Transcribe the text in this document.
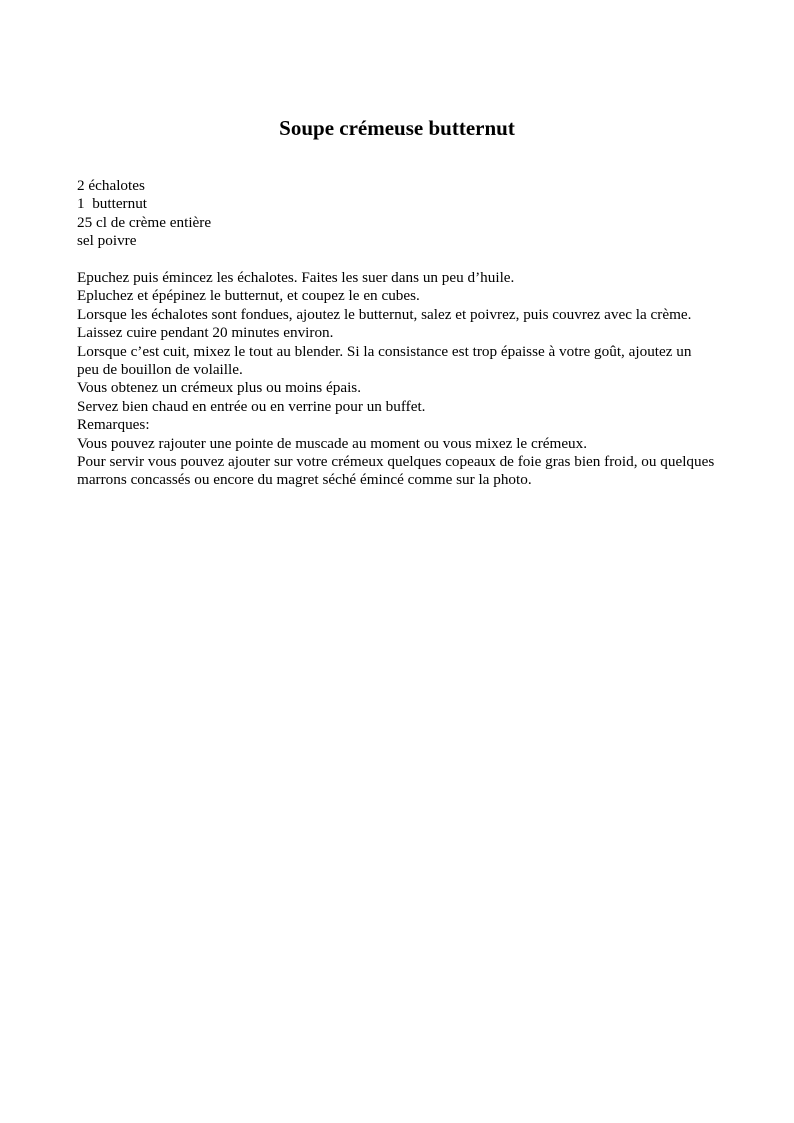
Soupe crémeuse butternut
2 échalotes
1  butternut
25 cl de crème entière
sel poivre
Epuchez puis émincez les échalotes. Faites les suer dans un peu d’huile.
Epluchez et épépinez le butternut, et coupez le en cubes.
Lorsque les échalotes sont fondues, ajoutez le butternut, salez et poivrez, puis couvrez avec la crème.
Laissez cuire pendant 20 minutes environ.
Lorsque c’est cuit, mixez le tout au blender. Si la consistance est trop épaisse à votre goût, ajoutez un peu de bouillon de volaille.
Vous obtenez un crémeux plus ou moins épais.
Servez bien chaud en entrée ou en verrine pour un buffet.
Remarques:
Vous pouvez rajouter une pointe de muscade au moment ou vous mixez le crémeux.
Pour servir vous pouvez ajouter sur votre crémeux quelques copeaux de foie gras bien froid, ou quelques marrons concassés ou encore du magret séché émincé comme sur la photo.
